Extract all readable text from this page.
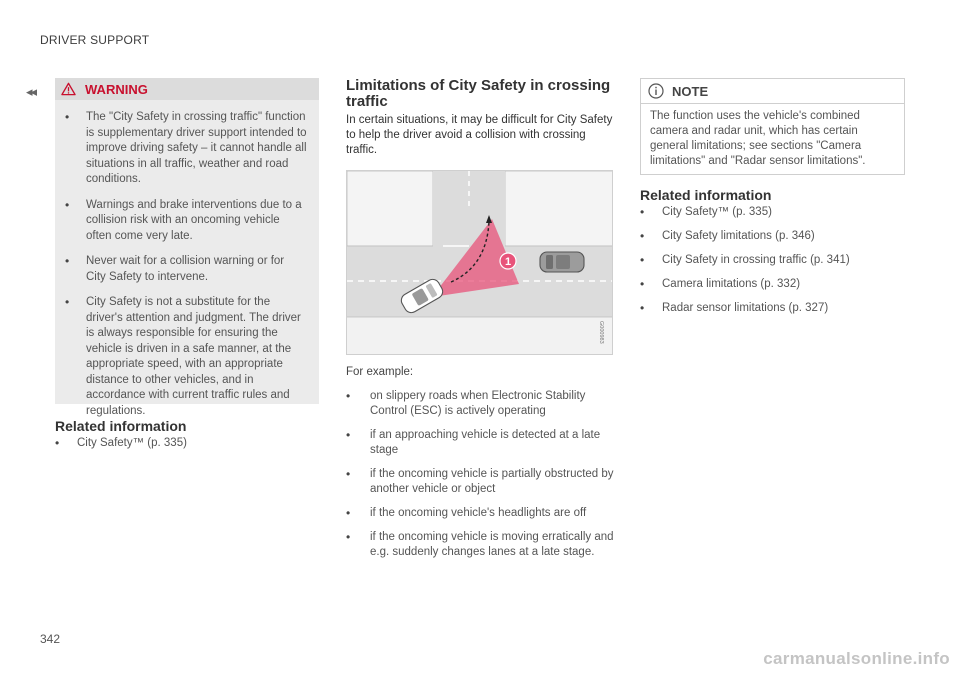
DRIVER SUPPORT
◂◂	WARNING
• The "City Safety in crossing traffic" function is supplementary driver support intended to improve driving safety – it cannot handle all situations in all traffic, weather and road conditions.
• Warnings and brake interventions due to a collision risk with an oncoming vehicle often come very late.
• Never wait for a collision warning or for City Safety to intervene.
• City Safety is not a substitute for the driver's attention and judgment. The driver is always responsible for ensuring the vehicle is driven in a safe manner, at the appropriate speed, with an appropriate distance to other vehicles, and in accordance with current traffic rules and regulations.
Related information
• City Safety™ (p. 335)
Limitations of City Safety in crossing traffic
In certain situations, it may be difficult for City Safety to help the driver avoid a collision with crossing traffic.
1
G000983
For example:
• on slippery roads when Electronic Stability Control (ESC) is actively operating
• if an approaching vehicle is detected at a late stage
• if the oncoming vehicle is partially obstructed by another vehicle or object
• if the oncoming vehicle's headlights are off
• if the oncoming vehicle is moving erratically and e.g. suddenly changes lanes at a late stage.
NOTE
The function uses the vehicle's combined camera and radar unit, which has certain general limitations; see sections "Camera limitations" and "Radar sensor limitations".
Related information
• City Safety™ (p. 335)
• City Safety limitations (p. 346)
• City Safety in crossing traffic (p. 341)
• Camera limitations (p. 332)
• Radar sensor limitations (p. 327)
342
carmanualsonline.info
